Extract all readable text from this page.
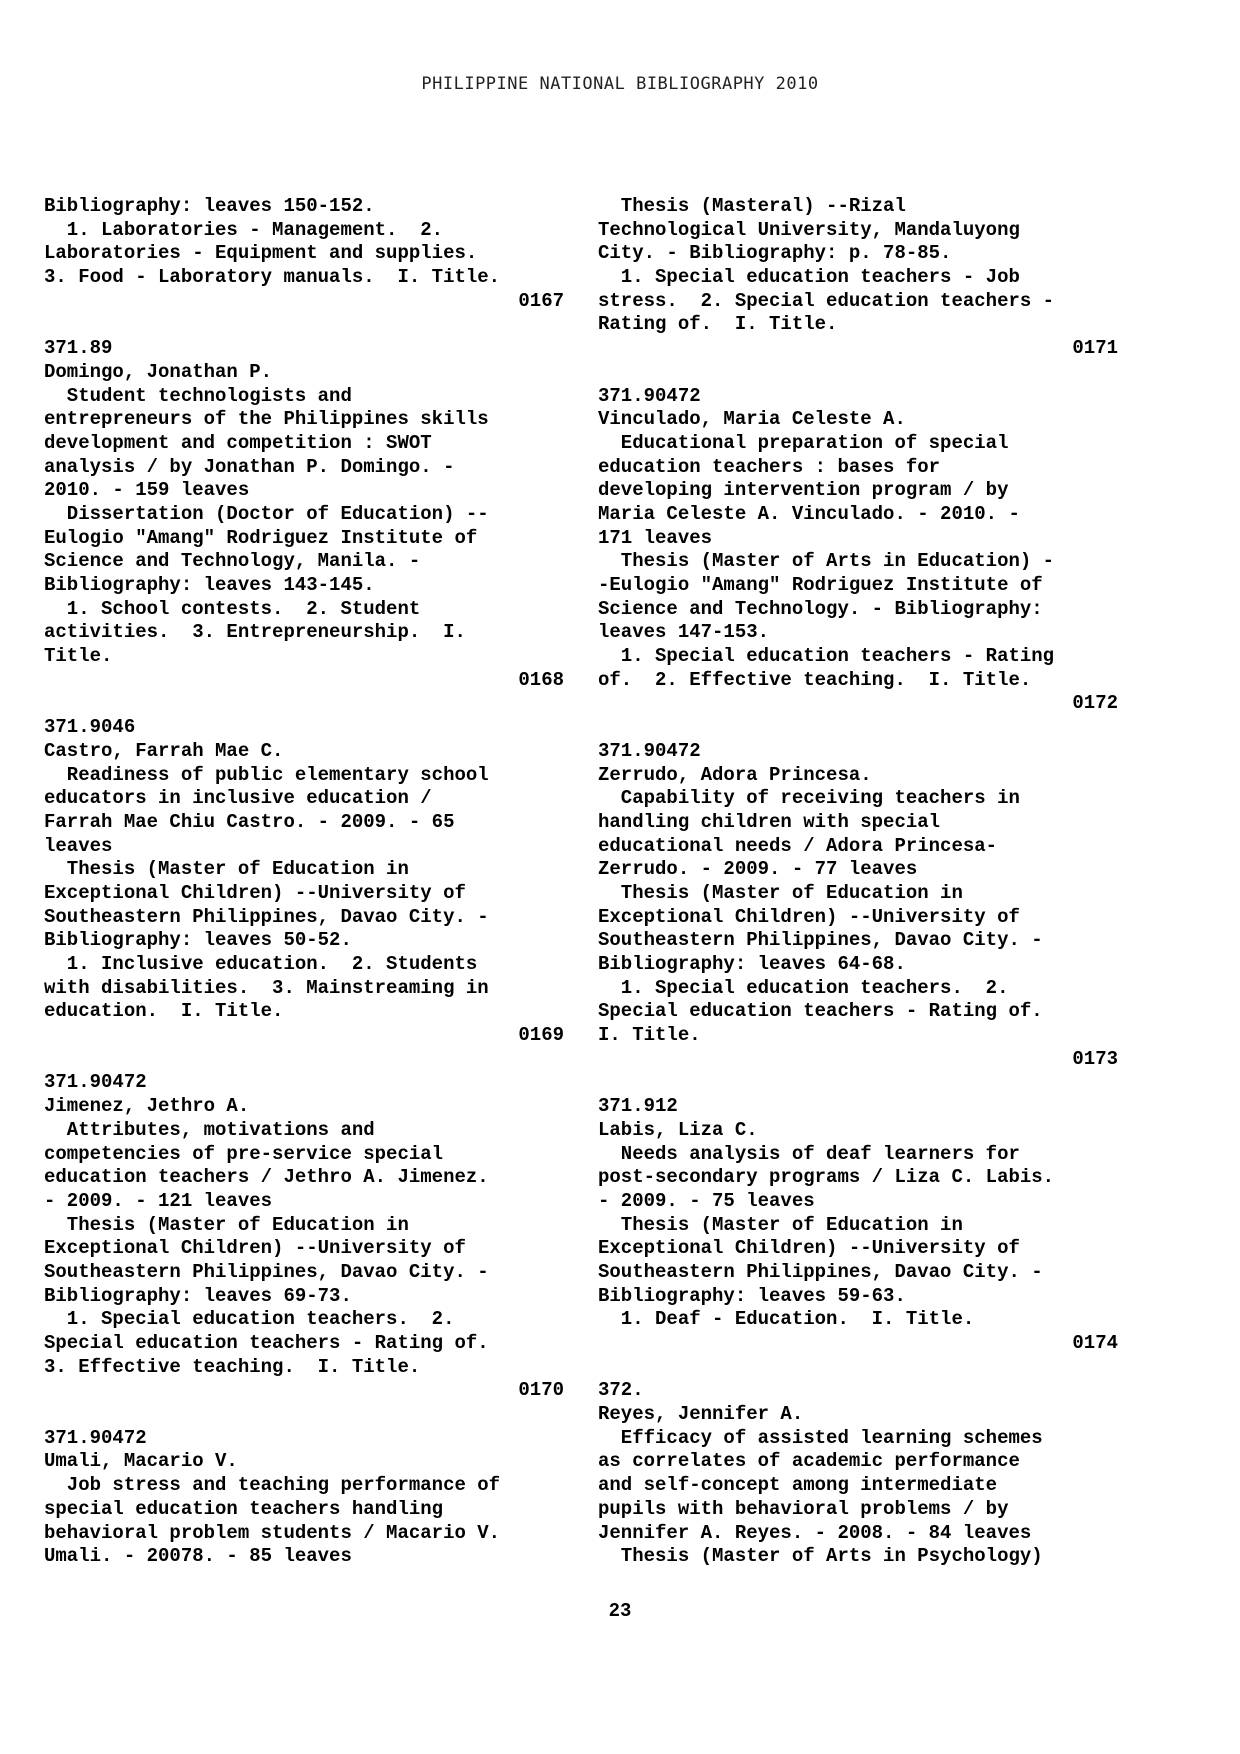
PHILIPPINE NATIONAL BIBLIOGRAPHY 2010
Bibliography: leaves 150-152.
1. Laboratories - Management.  2.
Laboratories - Equipment and supplies.
3. Food - Laboratory manuals.  I. Title.
0167
371.89
Domingo, Jonathan P.
Student technologists and
entrepreneurs of the Philippines skills
development and competition : SWOT
analysis / by Jonathan P. Domingo. -
2010. - 159 leaves
Dissertation (Doctor of Education) --
Eulogio "Amang" Rodriguez Institute of
Science and Technology, Manila. -
Bibliography: leaves 143-145.
1. School contests.  2. Student
activities.  3. Entrepreneurship.  I.
Title.
0168
371.9046
Castro, Farrah Mae C.
Readiness of public elementary school
educators in inclusive education /
Farrah Mae Chiu Castro. - 2009. - 65
leaves
Thesis (Master of Education in
Exceptional Children) --University of
Southeastern Philippines, Davao City. -
Bibliography: leaves 50-52.
1. Inclusive education.  2. Students
with disabilities.  3. Mainstreaming in
education.  I. Title.
0169
371.90472
Jimenez, Jethro A.
Attributes, motivations and
competencies of pre-service special
education teachers / Jethro A. Jimenez.
- 2009. - 121 leaves
Thesis (Master of Education in
Exceptional Children) --University of
Southeastern Philippines, Davao City. -
Bibliography: leaves 69-73.
1. Special education teachers.  2.
Special education teachers - Rating of.
3. Effective teaching.  I. Title.
0170
371.90472
Umali, Macario V.
Job stress and teaching performance of
special education teachers handling
behavioral problem students / Macario V.
Umali. - 20078. - 85 leaves
Thesis (Masteral) --Rizal
Technological University, Mandaluyong
City. - Bibliography: p. 78-85.
1. Special education teachers - Job
stress.  2. Special education teachers -
Rating of.  I. Title.
0171
371.90472
Vinculado, Maria Celeste A.
Educational preparation of special
education teachers : bases for
developing intervention program / by
Maria Celeste A. Vinculado. - 2010. -
171 leaves
Thesis (Master of Arts in Education) -
-Eulogio "Amang" Rodriguez Institute of
Science and Technology. - Bibliography:
leaves 147-153.
1. Special education teachers - Rating
of.  2. Effective teaching.  I. Title.
0172
371.90472
Zerrudo, Adora Princesa.
Capability of receiving teachers in
handling children with special
educational needs / Adora Princesa-
Zerrudo. - 2009. - 77 leaves
Thesis (Master of Education in
Exceptional Children) --University of
Southeastern Philippines, Davao City. -
Bibliography: leaves 64-68.
1. Special education teachers.  2.
Special education teachers - Rating of.
I. Title.
0173
371.912
Labis, Liza C.
Needs analysis of deaf learners for
post-secondary programs / Liza C. Labis.
- 2009. - 75 leaves
Thesis (Master of Education in
Exceptional Children) --University of
Southeastern Philippines, Davao City. -
Bibliography: leaves 59-63.
1. Deaf - Education.  I. Title.
0174
372.
Reyes, Jennifer A.
Efficacy of assisted learning schemes
as correlates of academic performance
and self-concept among intermediate
pupils with behavioral problems / by
Jennifer A. Reyes. - 2008. - 84 leaves
Thesis (Master of Arts in Psychology)
23
